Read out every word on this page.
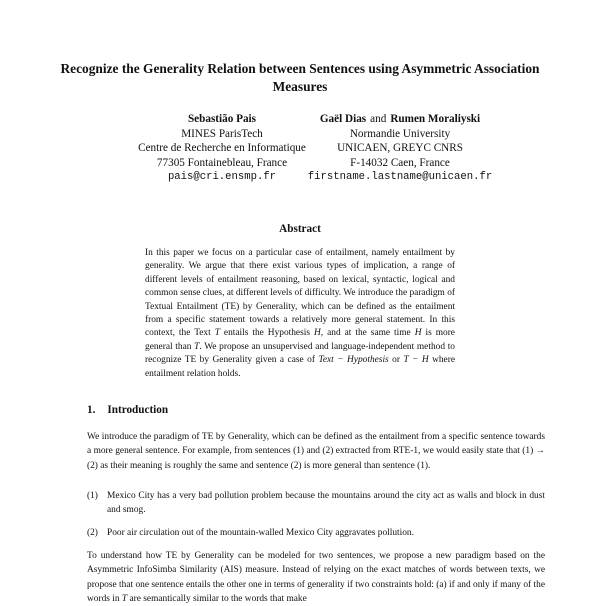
Recognize the Generality Relation between Sentences using Asymmetric Association Measures
Sebastião Pais
MINES ParisTech
Centre de Recherche en Informatique
77305 Fontainebleau, France
pais@cri.ensmp.fr
Gaël Dias and Rumen Moraliyski
Normandie University
UNICAEN, GREYC CNRS
F-14032 Caen, France
firstname.lastname@unicaen.fr
Abstract

In this paper we focus on a particular case of entailment, namely entailment by generality. We argue that there exist various types of implication, a range of different levels of entailment reasoning, based on lexical, syntactic, logical and common sense clues, at different levels of difficulty. We introduce the paradigm of Textual Entailment (TE) by Generality, which can be defined as the entailment from a specific statement towards a relatively more general statement. In this context, the Text T entails the Hypothesis H, and at the same time H is more general than T. We propose an unsupervised and language-independent method to recognize TE by Generality given a case of Text − Hypothesis or T − H where entailment relation holds.

1. Introduction

We introduce the paradigm of TE by Generality, which can be defined as the entailment from a specific sentence towards a more general sentence. For example, from sentences (1) and (2) extracted from RTE-1, we would easily state that (1) → (2) as their meaning is roughly the same and sentence (2) is more general than sentence (1).

(1) Mexico City has a very bad pollution problem because the mountains around the city act as walls and block in dust and smog.
(2) Poor air circulation out of the mountain-walled Mexico City aggravates pollution.

To understand how TE by Generality can be modeled for two sentences, we propose a new paradigm based on the Asymmetric InfoSimba Similarity (AIS) measure. Instead of relying on the exact matches of words between texts, we propose that one sentence entails the other one in terms of generality if two constraints hold: (a) if and only if many of the words in T are semantically similar to the words that make
